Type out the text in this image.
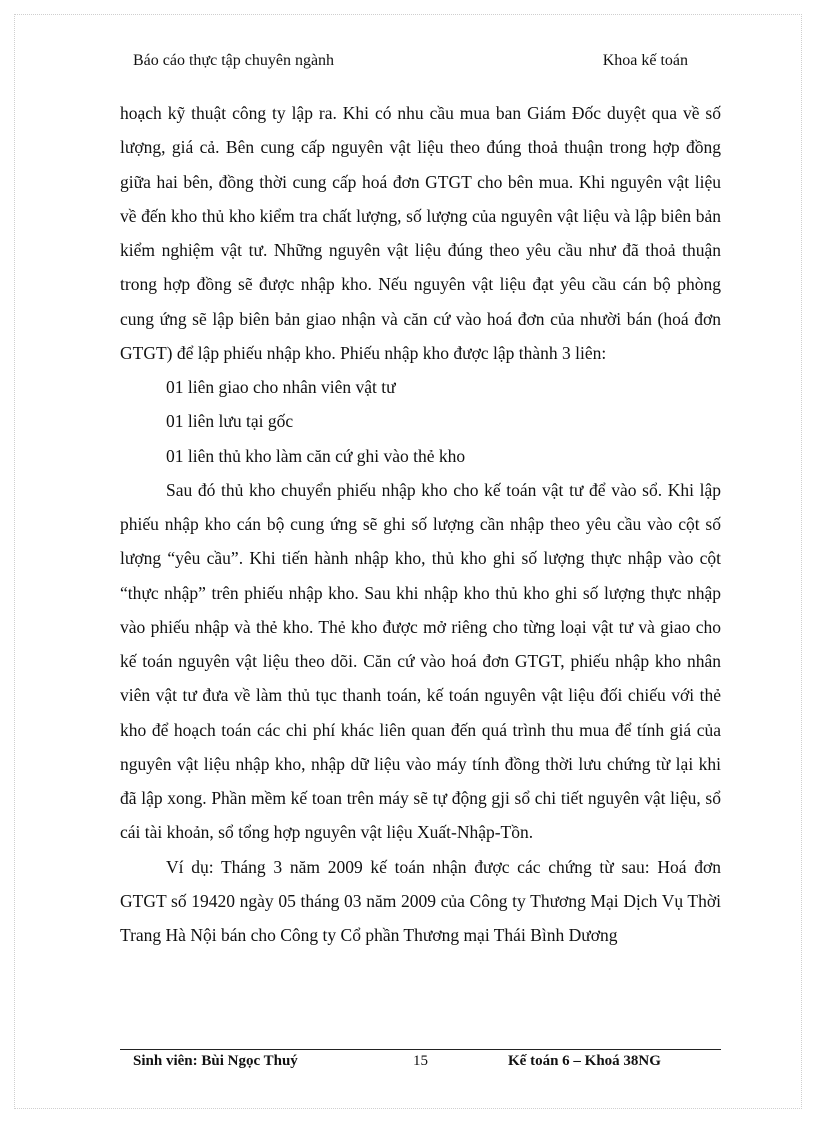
Báo cáo thực tập chuyên ngành	Khoa kế toán

hoạch kỹ thuật công ty lập ra. Khi có nhu cầu mua ban Giám Đốc duyệt qua về số lượng, giá cả. Bên cung cấp nguyên vật liệu theo đúng thoả thuận trong hợp đồng giữa hai bên, đồng thời cung cấp hoá đơn GTGT cho bên mua. Khi nguyên vật liệu về đến kho thủ kho kiểm tra chất lượng, số lượng của nguyên vật liệu và lập biên bản kiểm nghiệm vật tư. Những nguyên vật liệu đúng theo yêu cầu như đã thoả thuận trong hợp đồng sẽ được nhập kho. Nếu nguyên vật liệu đạt yêu cầu cán bộ phòng cung ứng sẽ lập biên bản giao nhận và căn cứ vào hoá đơn của nhười bán (hoá đơn GTGT) để lập phiếu nhập kho. Phiếu nhập kho được lập thành 3 liên:

01 liên giao cho nhân viên vật tư

01 liên lưu tại gốc

01 liên thủ kho làm căn cứ ghi vào thẻ kho

Sau đó thủ kho chuyển phiếu nhập kho cho kế toán vật tư để vào sổ. Khi lập phiếu nhập kho cán bộ cung ứng sẽ ghi số lượng cần nhập theo yêu cầu vào cột số lượng “yêu cầu”. Khi tiến hành nhập kho, thủ kho ghi số lượng thực nhập vào cột “thực nhập” trên phiếu nhập kho. Sau khi nhập kho thủ kho ghi số lượng thực nhập vào phiếu nhập và thẻ kho. Thẻ kho được mở riêng cho từng loại vật tư và giao cho kế toán nguyên vật liệu theo dõi. Căn cứ vào hoá đơn GTGT, phiếu nhập kho nhân viên vật tư đưa về làm thủ tục thanh toán, kế toán nguyên vật liệu đối chiếu với thẻ kho để hoạch toán các chi phí khác liên quan đến quá trình thu mua để tính giá của nguyên vật liệu nhập kho, nhập dữ liệu vào máy tính đồng thời lưu chứng từ lại khi đã lập xong. Phần mềm kế toan trên máy sẽ tự động gji sổ chi tiết nguyên vật liệu, sổ cái tài khoản, sổ tổng hợp nguyên vật liệu Xuất-Nhập-Tồn.

Ví dụ: Tháng 3 năm 2009 kế toán nhận được các chứng từ sau: Hoá đơn GTGT số 19420 ngày 05 tháng 03 năm 2009 của Công ty Thương Mại Dịch Vụ Thời Trang Hà Nội bán cho Công ty Cổ phần Thương mại Thái Bình Dương

Sinh viên: Bùi Ngọc Thuý	15	Kế toán 6 – Khoá 38NG
